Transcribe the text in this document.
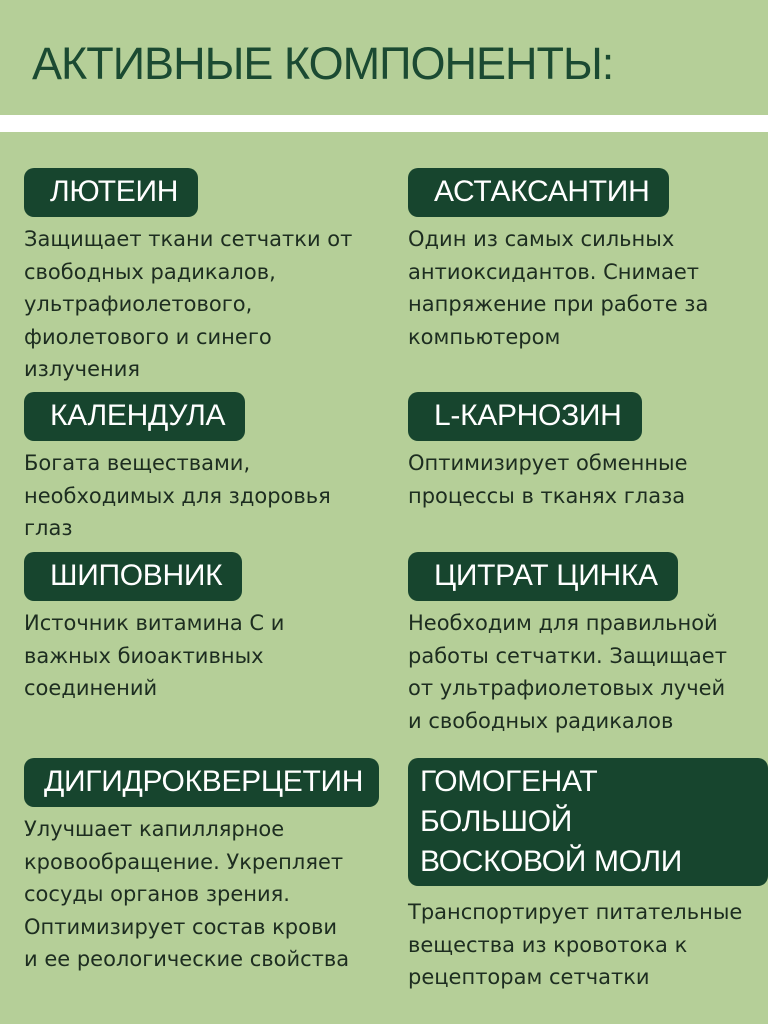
АКТИВНЫЕ КОМПОНЕНТЫ:
ЛЮТЕИН
Защищает ткани сетчатки от
свободных радикалов,
ультрафиолетового,
фиолетового и синего
излучения
АСТАКСАНТИН
Один из самых сильных
антиоксидантов. Снимает
напряжение при работе за
компьютером
КАЛЕНДУЛА
Богата веществами,
необходимых для здоровья
глаз
L-КАРНОЗИН
Оптимизирует обменные
процессы в тканях глаза
ШИПОВНИК
Источник витамина С и
важных биоактивных
соединений
ЦИТРАТ ЦИНКА
Необходим для правильной
работы сетчатки. Защищает
от ультрафиолетовых лучей
и свободных радикалов
ДИГИДРОКВЕРЦЕТИН
Улучшает капиллярное
кровообращение. Укрепляет
сосуды органов зрения.
Оптимизирует состав крови
и ее реологические свойства
ГОМОГЕНАТ БОЛЬШОЙ
ВОСКОВОЙ МОЛИ
Транспортирует питательные
вещества из кровотока к
рецепторам сетчатки
